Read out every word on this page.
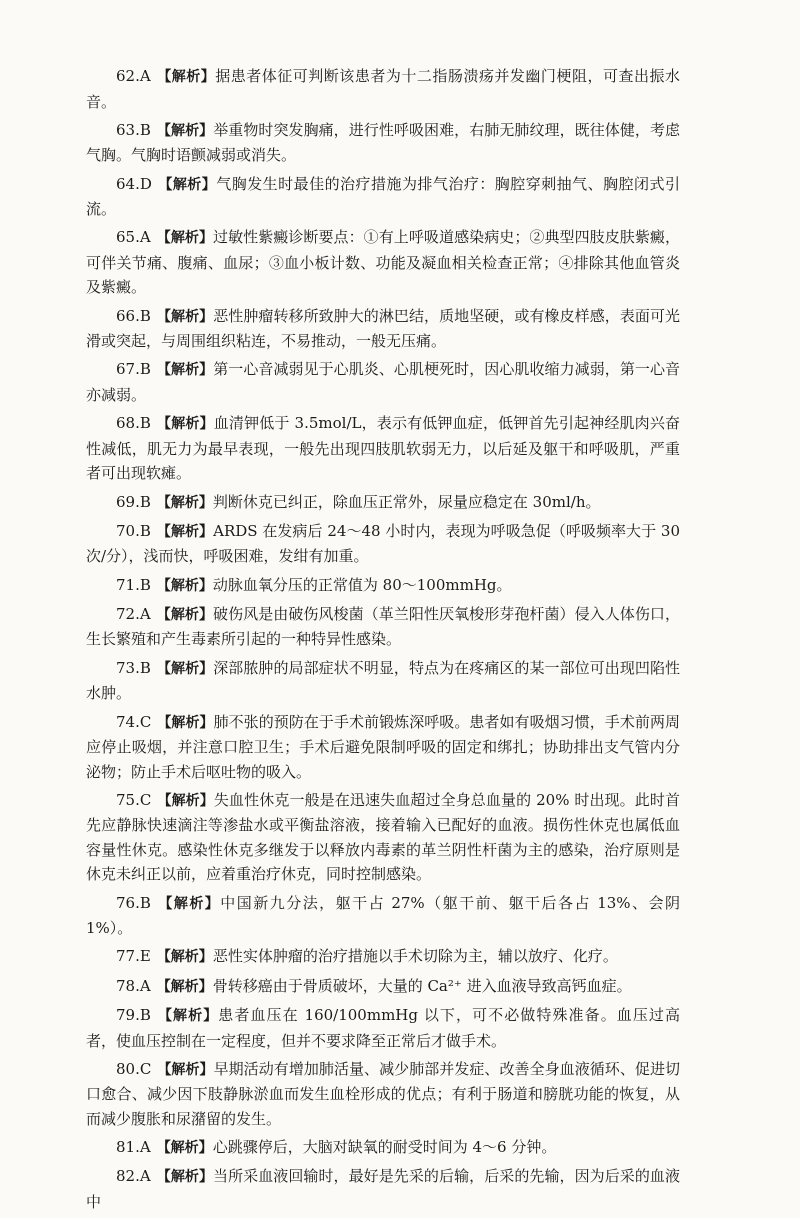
62.A 【解析】据患者体征可判断该患者为十二指肠溃疡并发幽门梗阻，可查出振水音。

63.B 【解析】举重物时突发胸痛，进行性呼吸困难，右肺无肺纹理，既往体健，考虑气胸。气胸时语颤减弱或消失。

64.D 【解析】气胸发生时最佳的治疗措施为排气治疗：胸腔穿刺抽气、胸腔闭式引流。

65.A 【解析】过敏性紫癜诊断要点：①有上呼吸道感染病史；②典型四肢皮肤紫癜，可伴关节痛、腹痛、血尿；③血小板计数、功能及凝血相关检查正常；④排除其他血管炎及紫癜。

66.B 【解析】恶性肿瘤转移所致肿大的淋巴结，质地坚硬，或有橡皮样感，表面可光滑或突起，与周围组织粘连，不易推动，一般无压痛。

67.B 【解析】第一心音减弱见于心肌炎、心肌梗死时，因心肌收缩力减弱，第一心音亦减弱。

68.B 【解析】血清钾低于 3.5mol/L，表示有低钾血症，低钾首先引起神经肌肉兴奋性减低，肌无力为最早表现，一般先出现四肢肌软弱无力，以后延及躯干和呼吸肌，严重者可出现软瘫。

69.B 【解析】判断休克已纠正，除血压正常外，尿量应稳定在 30ml/h。

70.B 【解析】ARDS 在发病后 24～48 小时内，表现为呼吸急促（呼吸频率大于 30 次/分），浅而快，呼吸困难，发绀有加重。

71.B 【解析】动脉血氧分压的正常值为 80～100mmHg。

72.A 【解析】破伤风是由破伤风梭菌（革兰阳性厌氧梭形芽孢杆菌）侵入人体伤口，生长繁殖和产生毒素所引起的一种特异性感染。

73.B 【解析】深部脓肿的局部症状不明显，特点为在疼痛区的某一部位可出现凹陷性水肿。

74.C 【解析】肺不张的预防在于手术前锻炼深呼吸。患者如有吸烟习惯，手术前两周应停止吸烟，并注意口腔卫生；手术后避免限制呼吸的固定和绑扎；协助排出支气管内分泌物；防止手术后呕吐物的吸入。

75.C 【解析】失血性休克一般是在迅速失血超过全身总血量的 20% 时出现。此时首先应静脉快速滴注等渗盐水或平衡盐溶液，接着输入已配好的血液。损伤性休克也属低血容量性休克。感染性休克多继发于以释放内毒素的革兰阴性杆菌为主的感染，治疗原则是休克未纠正以前，应着重治疗休克，同时控制感染。

76.B 【解析】中国新九分法，躯干占 27%（躯干前、躯干后各占 13%、会阴 1%）。

77.E 【解析】恶性实体肿瘤的治疗措施以手术切除为主，辅以放疗、化疗。

78.A 【解析】骨转移癌由于骨质破坏，大量的 Ca²⁺ 进入血液导致高钙血症。

79.B 【解析】患者血压在 160/100mmHg 以下，可不必做特殊准备。血压过高者，使血压控制在一定程度，但并不要求降至正常后才做手术。

80.C 【解析】早期活动有增加肺活量、减少肺部并发症、改善全身血液循环、促进切口愈合、减少因下肢静脉淤血而发生血栓形成的优点；有利于肠道和膀胱功能的恢复，从而减少腹胀和尿潴留的发生。

81.A 【解析】心跳骤停后，大脑对缺氧的耐受时间为 4～6 分钟。

82.A 【解析】当所采血液回输时，最好是先采的后输，后采的先输，因为后采的血液中
